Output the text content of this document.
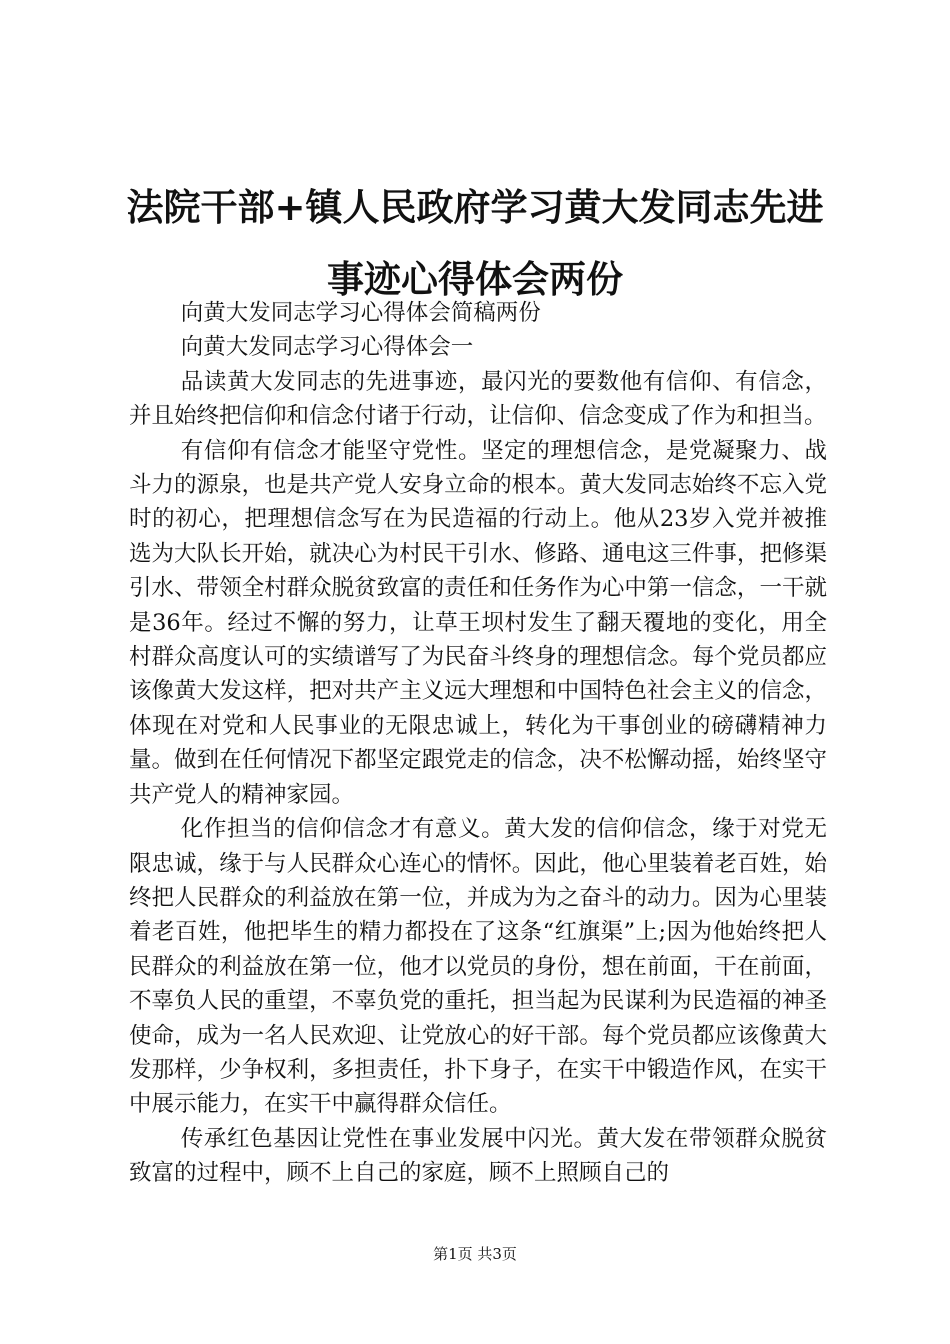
法院干部+镇人民政府学习黄大发同志先进事迹心得体会两份

向黄大发同志学习心得体会简稿两份

向黄大发同志学习心得体会一

品读黄大发同志的先进事迹，最闪光的要数他有信仰、有信念，并且始终把信仰和信念付诸于行动，让信仰、信念变成了作为和担当。

有信仰有信念才能坚守党性。坚定的理想信念，是党凝聚力、战斗力的源泉，也是共产党人安身立命的根本。黄大发同志始终不忘入党时的初心，把理想信念写在为民造福的行动上。他从23岁入党并被推选为大队长开始，就决心为村民干引水、修路、通电这三件事，把修渠引水、带领全村群众脱贫致富的责任和任务作为心中第一信念，一干就是36年。经过不懈的努力，让草王坝村发生了翻天覆地的变化，用全村群众高度认可的实绩谱写了为民奋斗终身的理想信念。每个党员都应该像黄大发这样，把对共产主义远大理想和中国特色社会主义的信念，体现在对党和人民事业的无限忠诚上，转化为干事创业的磅礴精神力量。做到在任何情况下都坚定跟党走的信念，决不松懈动摇，始终坚守共产党人的精神家园。

化作担当的信仰信念才有意义。黄大发的信仰信念，缘于对党无限忠诚，缘于与人民群众心连心的情怀。因此，他心里装着老百姓，始终把人民群众的利益放在第一位，并成为为之奋斗的动力。因为心里装着老百姓，他把毕生的精力都投在了这条“红旗渠”上;因为他始终把人民群众的利益放在第一位，他才以党员的身份，想在前面，干在前面，不辜负人民的重望，不辜负党的重托，担当起为民谋利为民造福的神圣使命，成为一名人民欢迎、让党放心的好干部。每个党员都应该像黄大发那样，少争权利，多担责任，扑下身子，在实干中锻造作风，在实干中展示能力，在实干中赢得群众信任。

传承红色基因让党性在事业发展中闪光。黄大发在带领群众脱贫致富的过程中，顾不上自己的家庭，顾不上照顾自己的

第1页 共3页
